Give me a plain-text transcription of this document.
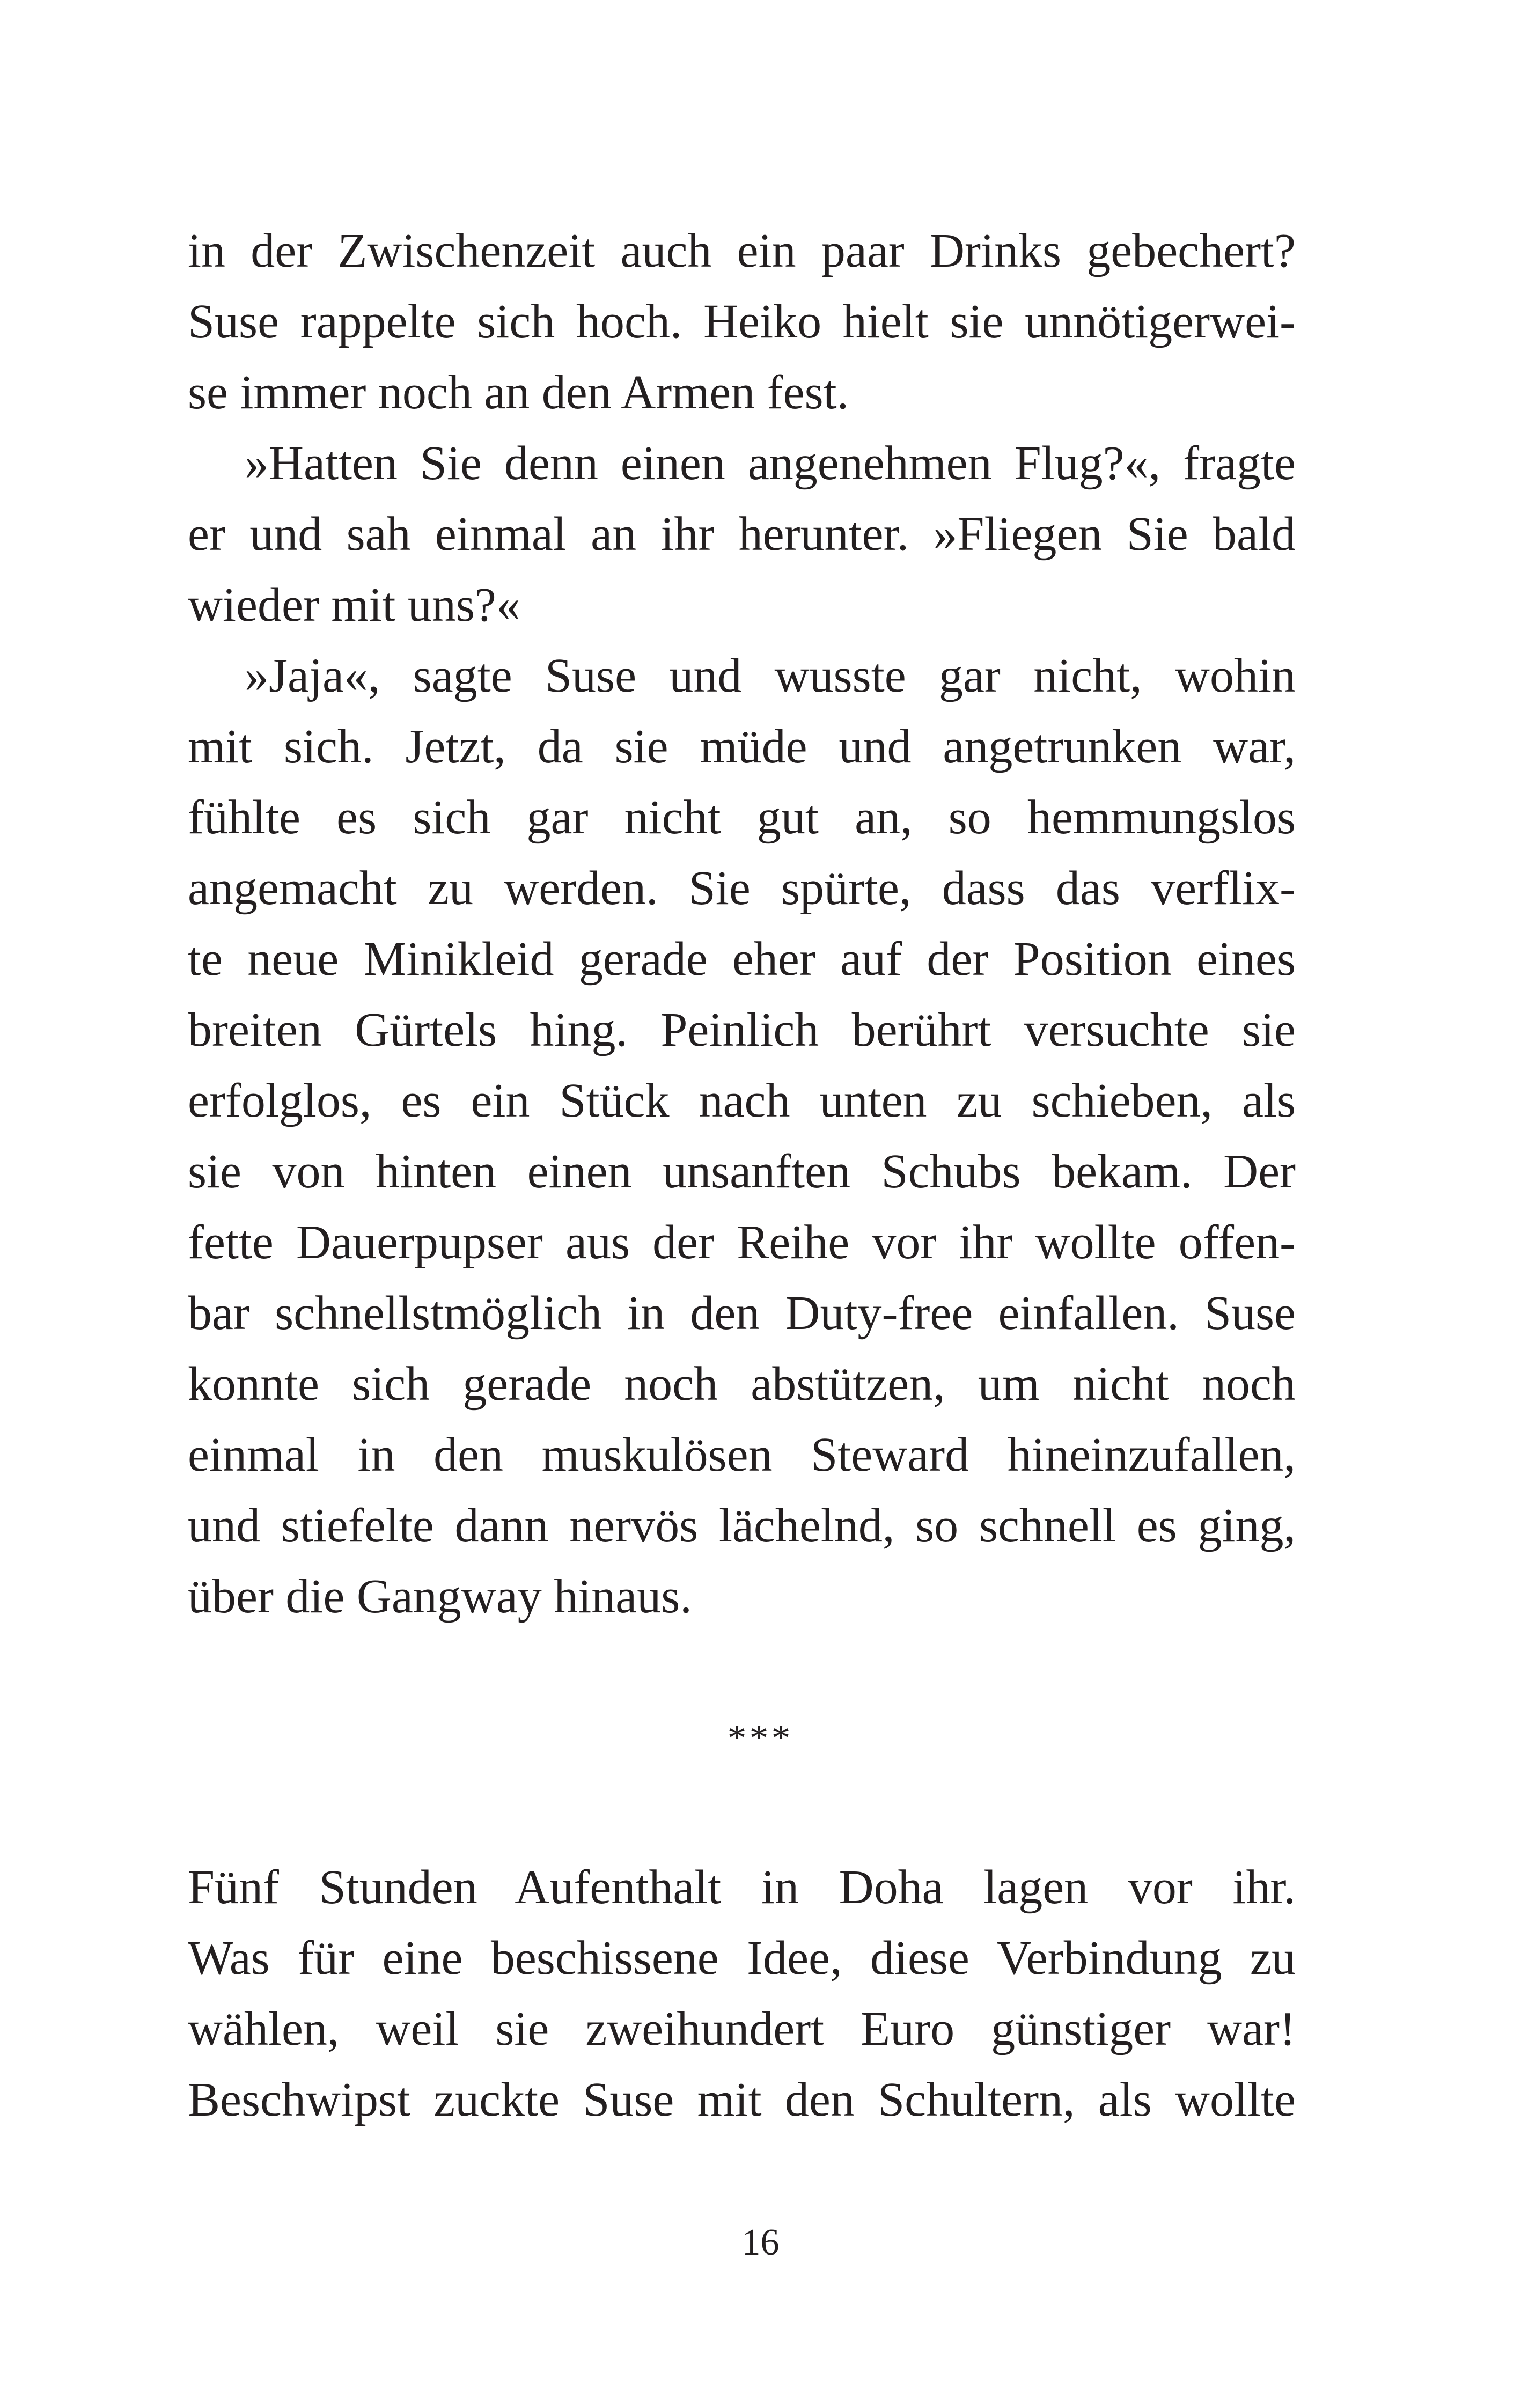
in der Zwischenzeit auch ein paar Drinks gebechert?
Suse rappelte sich hoch. Heiko hielt sie unnötigerwei-
se immer noch an den Armen fest.
»Hatten Sie denn einen angenehmen Flug?«, fragte
er und sah einmal an ihr herunter. »Fliegen Sie bald
wieder mit uns?«
»Jaja«, sagte Suse und wusste gar nicht, wohin
mit sich. Jetzt, da sie müde und angetrunken war,
fühlte es sich gar nicht gut an, so hemmungslos
angemacht zu werden. Sie spürte, dass das verflix-
te neue Minikleid gerade eher auf der Position eines
breiten Gürtels hing. Peinlich berührt versuchte sie
erfolglos, es ein Stück nach unten zu schieben, als
sie von hinten einen unsanften Schubs bekam. Der
fette Dauerpupser aus der Reihe vor ihr wollte offen-
bar schnellstmöglich in den Duty-free einfallen. Suse
konnte sich gerade noch abstützen, um nicht noch
einmal in den muskulösen Steward hineinzufallen,
und stiefelte dann nervös lächelnd, so schnell es ging,
über die Gangway hinaus.
***
Fünf Stunden Aufenthalt in Doha lagen vor ihr.
Was für eine beschissene Idee, diese Verbindung zu
wählen, weil sie zweihundert Euro günstiger war!
Beschwipst zuckte Suse mit den Schultern, als wollte
16
